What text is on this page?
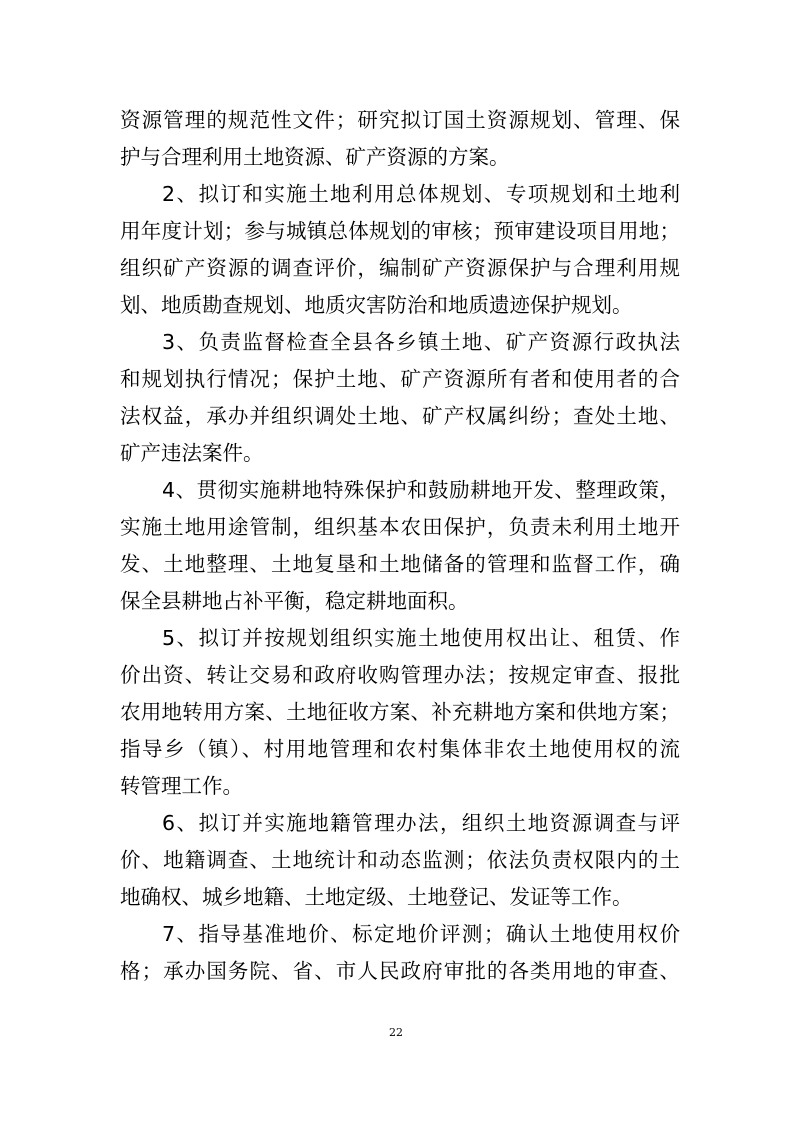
资源管理的规范性文件；研究拟订国土资源规划、管理、保
护与合理利用土地资源、矿产资源的方案。
2、拟订和实施土地利用总体规划、专项规划和土地利
用年度计划；参与城镇总体规划的审核；预审建设项目用地；
组织矿产资源的调查评价，编制矿产资源保护与合理利用规
划、地质勘查规划、地质灾害防治和地质遗迹保护规划。
3、负责监督检查全县各乡镇土地、矿产资源行政执法
和规划执行情况；保护土地、矿产资源所有者和使用者的合
法权益，承办并组织调处土地、矿产权属纠纷；查处土地、
矿产违法案件。
4、贯彻实施耕地特殊保护和鼓励耕地开发、整理政策，
实施土地用途管制，组织基本农田保护，负责未利用土地开
发、土地整理、土地复垦和土地储备的管理和监督工作，确
保全县耕地占补平衡，稳定耕地面积。
5、拟订并按规划组织实施土地使用权出让、租赁、作
价出资、转让交易和政府收购管理办法；按规定审查、报批
农用地转用方案、土地征收方案、补充耕地方案和供地方案；
指导乡（镇）、村用地管理和农村集体非农土地使用权的流
转管理工作。
6、拟订并实施地籍管理办法，组织土地资源调查与评
价、地籍调查、土地统计和动态监测；依法负责权限内的土
地确权、城乡地籍、土地定级、土地登记、发证等工作。
7、指导基准地价、标定地价评测；确认土地使用权价
格；承办国务院、省、市人民政府审批的各类用地的审查、
22
